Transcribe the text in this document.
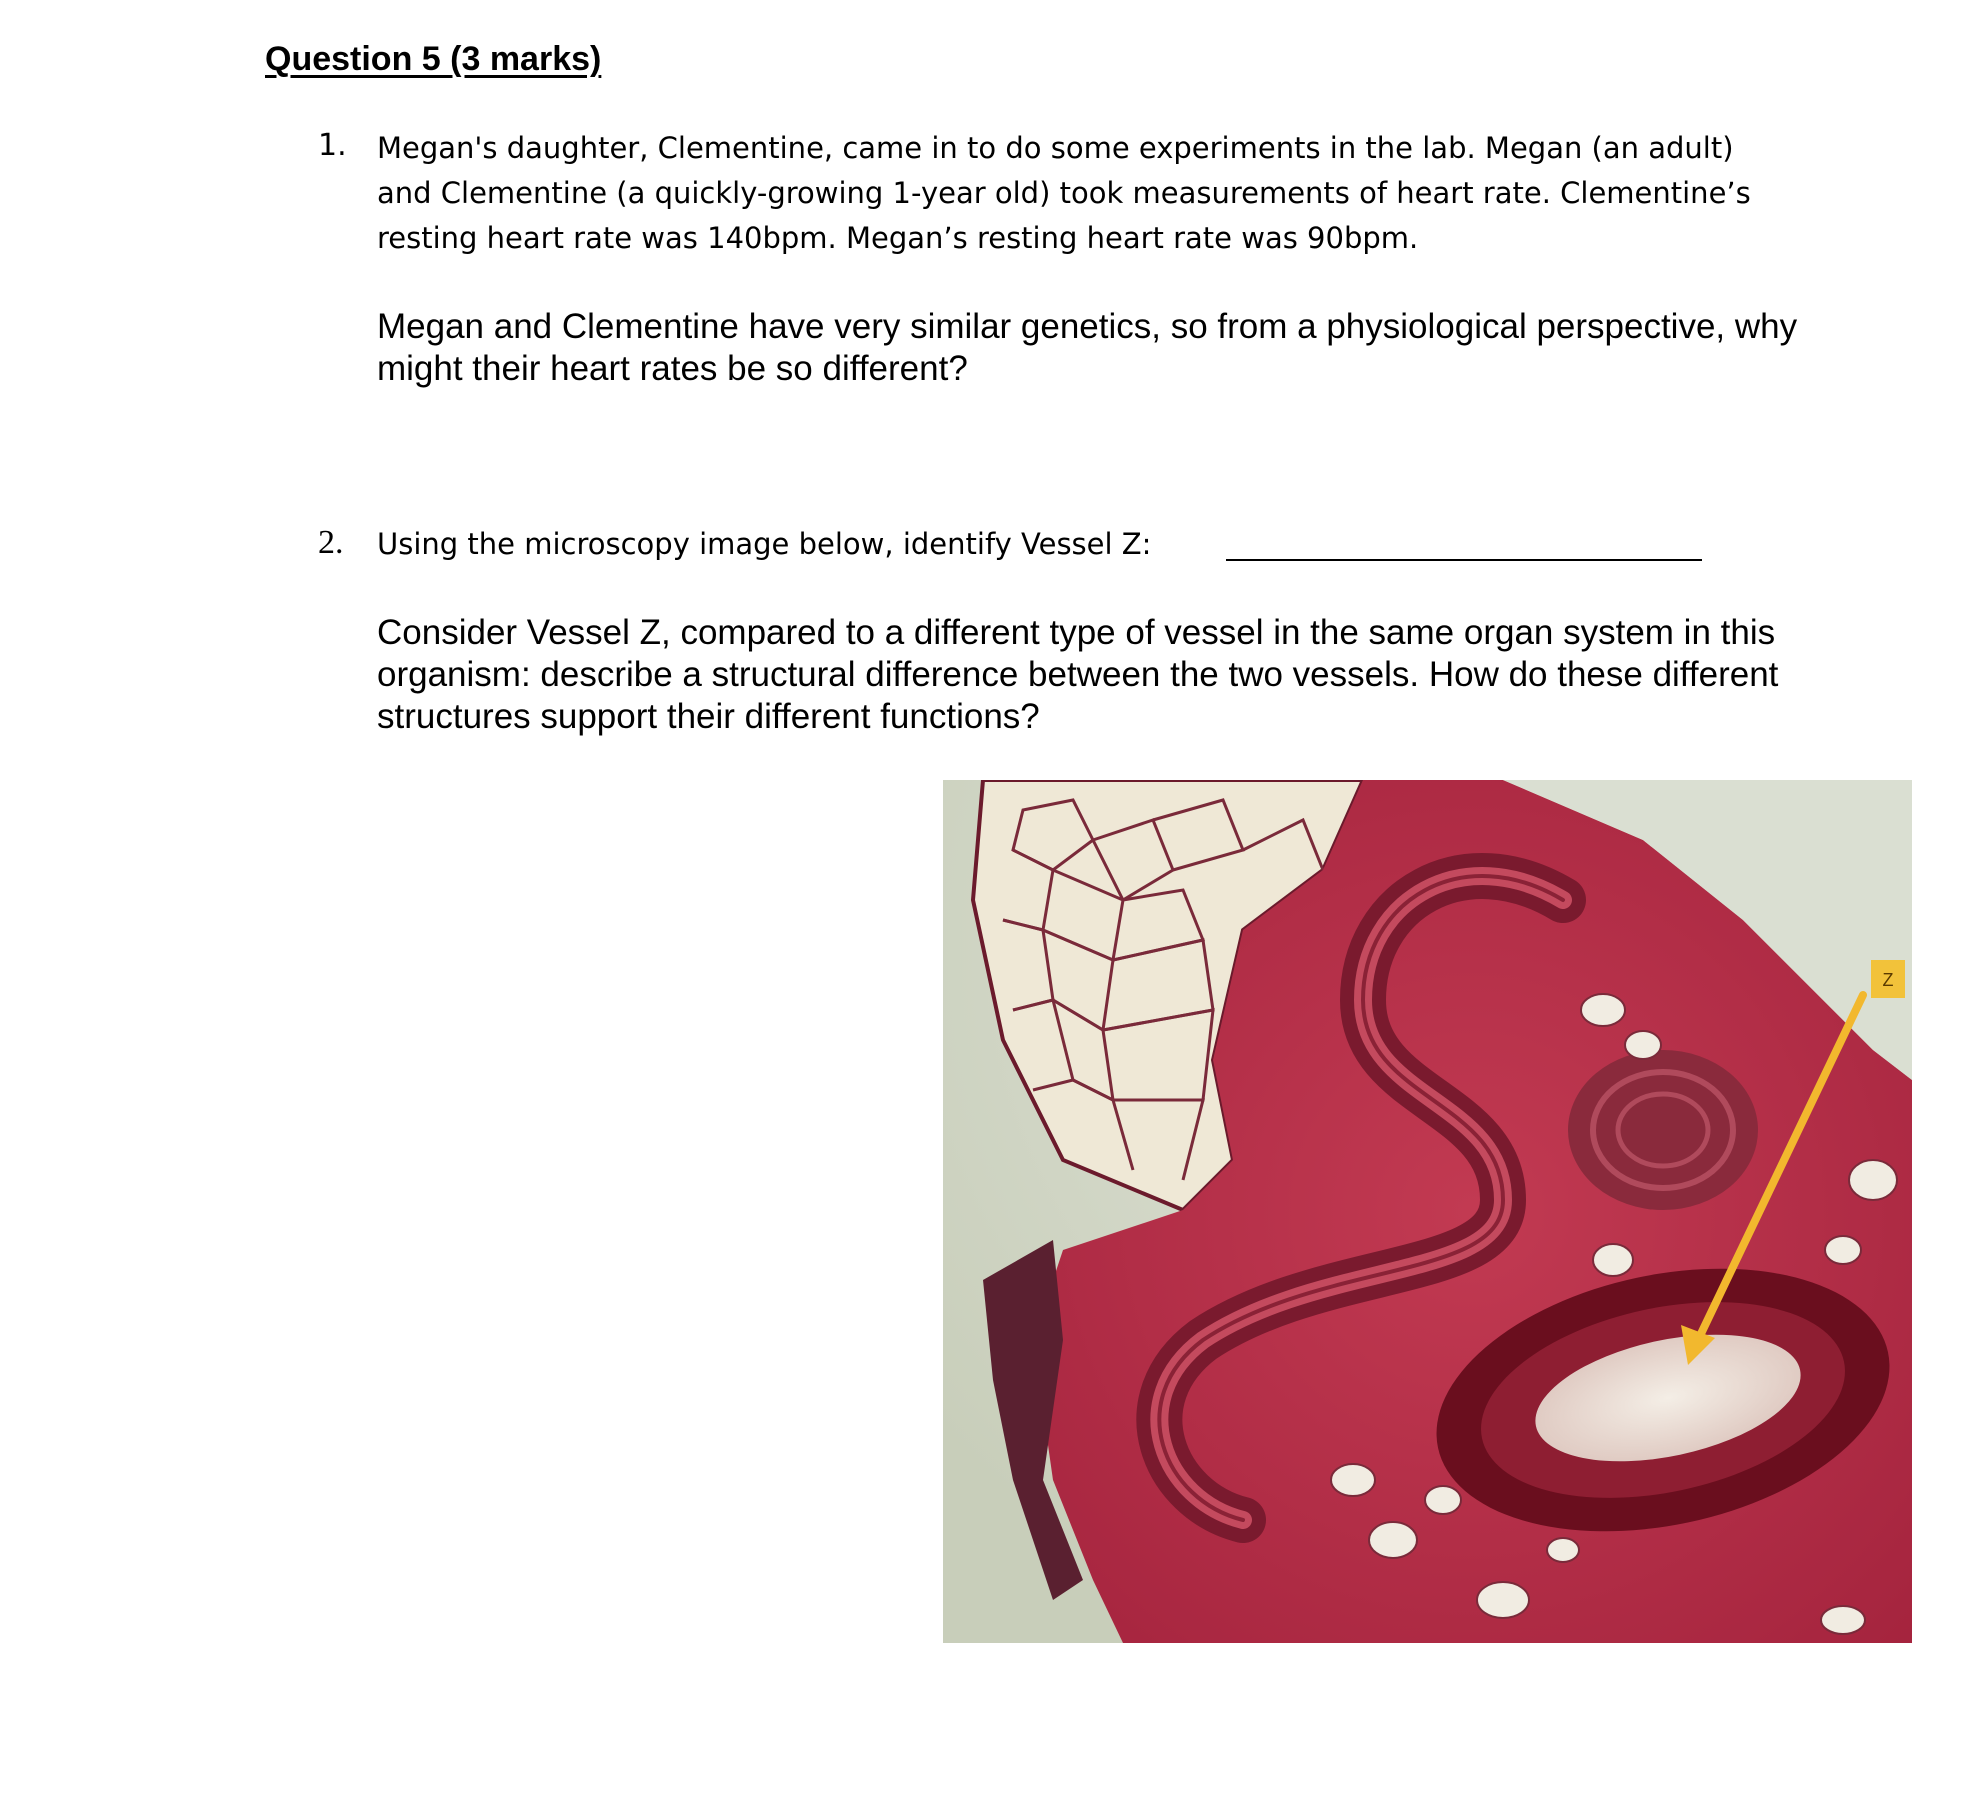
Question 5 (3 marks)
1. Megan's daughter, Clementine, came in to do some experiments in the lab. Megan (an adult)
and Clementine (a quickly-growing 1-year old) took measurements of heart rate. Clementine’s
resting heart rate was 140bpm. Megan’s resting heart rate was 90bpm.
Megan and Clementine have very similar genetics, so from a physiological perspective, why
might their heart rates be so different?
2. Using the microscopy image below, identify Vessel Z:
Consider Vessel Z, compared to a different type of vessel in the same organ system in this
organism: describe a structural difference between the two vessels. How do these different
structures support their different functions?
Z
